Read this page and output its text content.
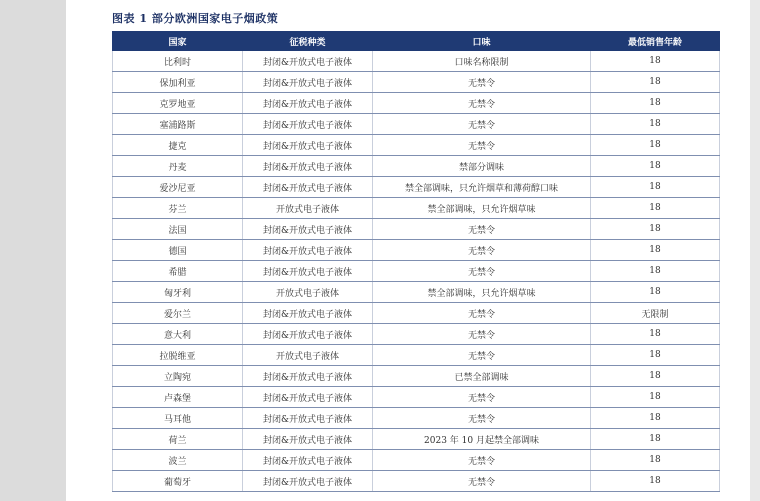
图表 1 部分欧洲国家电子烟政策
国家	征税种类	口味	最低销售年龄
比利时	封闭&开放式电子液体	口味名称限制	18
保加利亚	封闭&开放式电子液体	无禁令	18
克罗地亚	封闭&开放式电子液体	无禁令	18
塞浦路斯	封闭&开放式电子液体	无禁令	18
捷克	封闭&开放式电子液体	无禁令	18
丹麦	封闭&开放式电子液体	禁部分调味	18
爱沙尼亚	封闭&开放式电子液体	禁全部调味，只允许烟草和薄荷醇口味	18
芬兰	开放式电子液体	禁全部调味，只允许烟草味	18
法国	封闭&开放式电子液体	无禁令	18
德国	封闭&开放式电子液体	无禁令	18
希腊	封闭&开放式电子液体	无禁令	18
匈牙利	开放式电子液体	禁全部调味，只允许烟草味	18
爱尔兰	封闭&开放式电子液体	无禁令	无限制
意大利	封闭&开放式电子液体	无禁令	18
拉脱维亚	开放式电子液体	无禁令	18
立陶宛	封闭&开放式电子液体	已禁全部调味	18
卢森堡	封闭&开放式电子液体	无禁令	18
马耳他	封闭&开放式电子液体	无禁令	18
荷兰	封闭&开放式电子液体	2023 年 10 月起禁全部调味	18
波兰	封闭&开放式电子液体	无禁令	18
葡萄牙	封闭&开放式电子液体	无禁令	18
